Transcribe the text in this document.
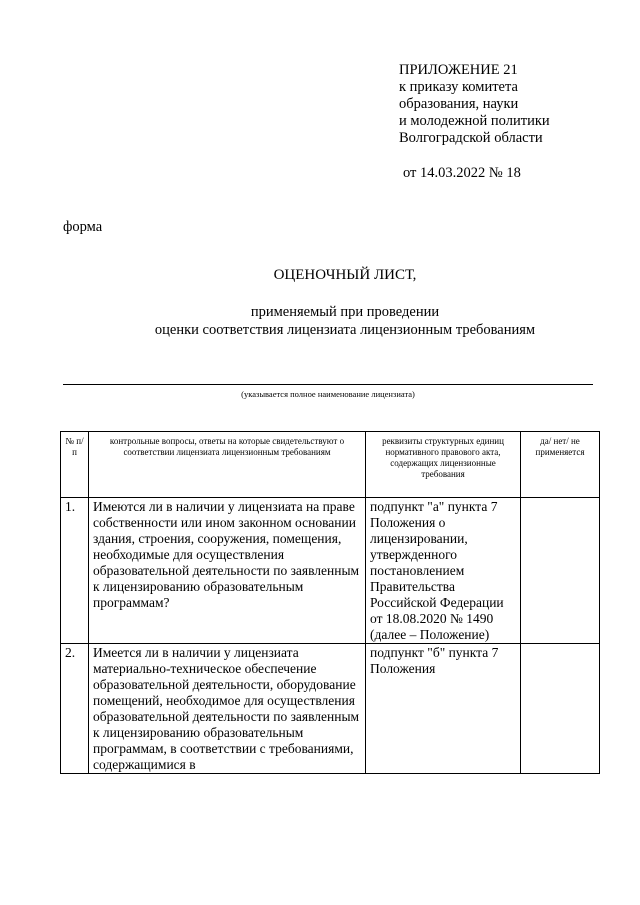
ПРИЛОЖЕНИЕ 21
к приказу комитета
образования, науки
и молодежной политики
Волгоградской области
от 14.03.2022 № 18
форма
ОЦЕНОЧНЫЙ ЛИСТ,
применяемый при проведении
оценки соответствия лицензиата лицензионным требованиям
(указывается полное наименование лицензиата)
№ п/п	контрольные вопросы, ответы на которые свидетельствуют о соответствии лицензиата лицензионным требованиям	реквизиты структурных единиц нормативного правового акта, содержащих лицензионные требования	да/ нет/ не применяется
1.	Имеются ли в наличии у лицензиата на праве собственности или ином законном основании здания, строения, сооружения, помещения, необходимые для осуществления образовательной деятельности по заявленным к лицензированию образовательным программам?	подпункт "а" пункта 7 Положения о лицензировании, утвержденного постановлением Правительства Российской Федерации от 18.08.2020 № 1490 (далее – Положение)	
2.	Имеется ли в наличии у лицензиата материально-техническое обеспечение образовательной деятельности, оборудование помещений, необходимое для осуществления образовательной деятельности по заявленным к лицензированию образовательным программам, в соответствии с требованиями, содержащимися в	подпункт "б" пункта 7 Положения	
